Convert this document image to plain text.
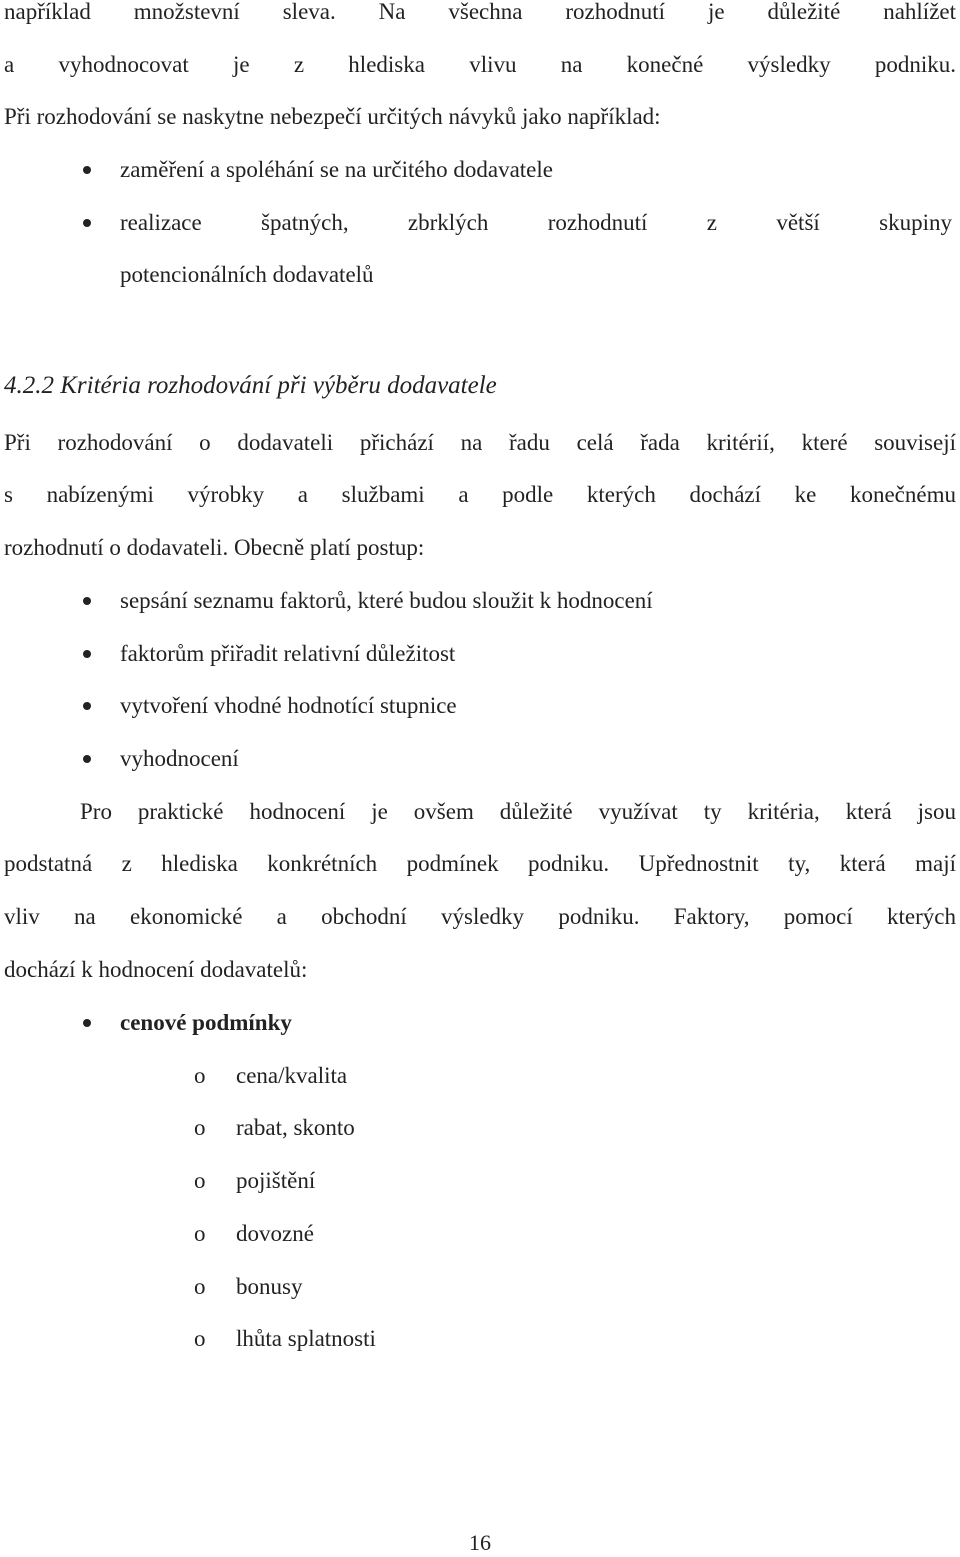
například množstevní sleva. Na všechna rozhodnutí je důležité nahlížet
a vyhodnocovat je z hlediska vlivu na konečné výsledky podniku.
Při rozhodování se naskytne nebezpečí určitých návyků jako například:
zaměření a spoléhání se na určitého dodavatele
realizace špatných, zbrklých rozhodnutí z větší skupiny
potencionálních dodavatelů
4.2.2 Kritéria rozhodování při výběru dodavatele
Při rozhodování o dodavateli přichází na řadu celá řada kritérií, které souvisejí
s nabízenými výrobky a službami a podle kterých dochází ke konečnému
rozhodnutí o dodavateli. Obecně platí postup:
sepsání seznamu faktorů, které budou sloužit k hodnocení
faktorům přiřadit relativní důležitost
vytvoření vhodné hodnotící stupnice
vyhodnocení
Pro praktické hodnocení je ovšem důležité využívat ty kritéria, která jsou
podstatná z hlediska konkrétních podmínek podniku. Upřednostnit ty, která mají
vliv na ekonomické a obchodní výsledky podniku. Faktory, pomocí kterých
dochází k hodnocení dodavatelů:
cenové podmínky
o cena/kvalita
o rabat, skonto
o pojištění
o dovozné
o bonusy
o lhůta splatnosti
16
